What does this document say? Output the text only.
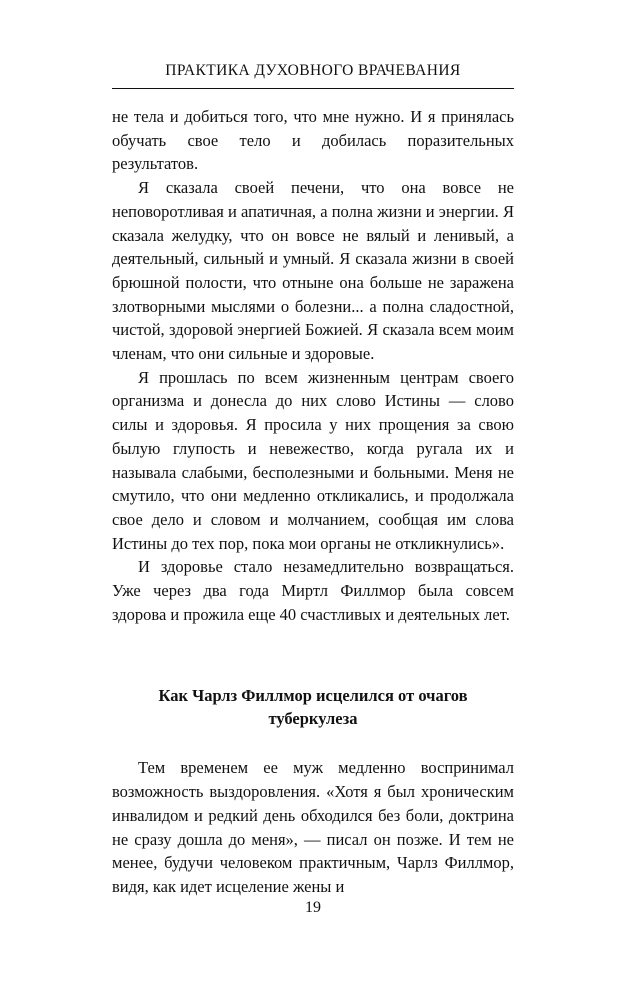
ПРАКТИКА ДУХОВНОГО ВРАЧЕВАНИЯ

не тела и добиться того, что мне нужно. И я принялась обучать свое тело и добилась поразительных результатов.

Я сказала своей печени, что она вовсе не неповоротливая и апатичная, а полна жизни и энергии. Я сказала желудку, что он вовсе не вялый и ленивый, а деятельный, сильный и умный. Я сказала жизни в своей брюшной полости, что отныне она больше не заражена злотворными мыслями о болезни... а полна сладостной, чистой, здоровой энергией Божией. Я сказала всем моим членам, что они сильные и здоровые.

Я прошлась по всем жизненным центрам своего организма и донесла до них слово Истины — слово силы и здоровья. Я просила у них прощения за свою былую глупость и невежество, когда ругала их и называла слабыми, бесполезными и больными. Меня не смутило, что они медленно откликались, и продолжала свое дело и словом и молчанием, сообщая им слова Истины до тех пор, пока мои органы не откликнулись».

И здоровье стало незамедлительно возвращаться. Уже через два года Миртл Филлмор была совсем здорова и прожила еще 40 счастливых и деятельных лет.

Как Чарлз Филлмор исцелился от очагов
туберкулеза

Тем временем ее муж медленно воспринимал возможность выздоровления. «Хотя я был хроническим инвалидом и редкий день обходился без боли, доктрина не сразу дошла до меня», — писал он позже. И тем не менее, будучи человеком практичным, Чарлз Филлмор, видя, как идет исцеление жены и

19
